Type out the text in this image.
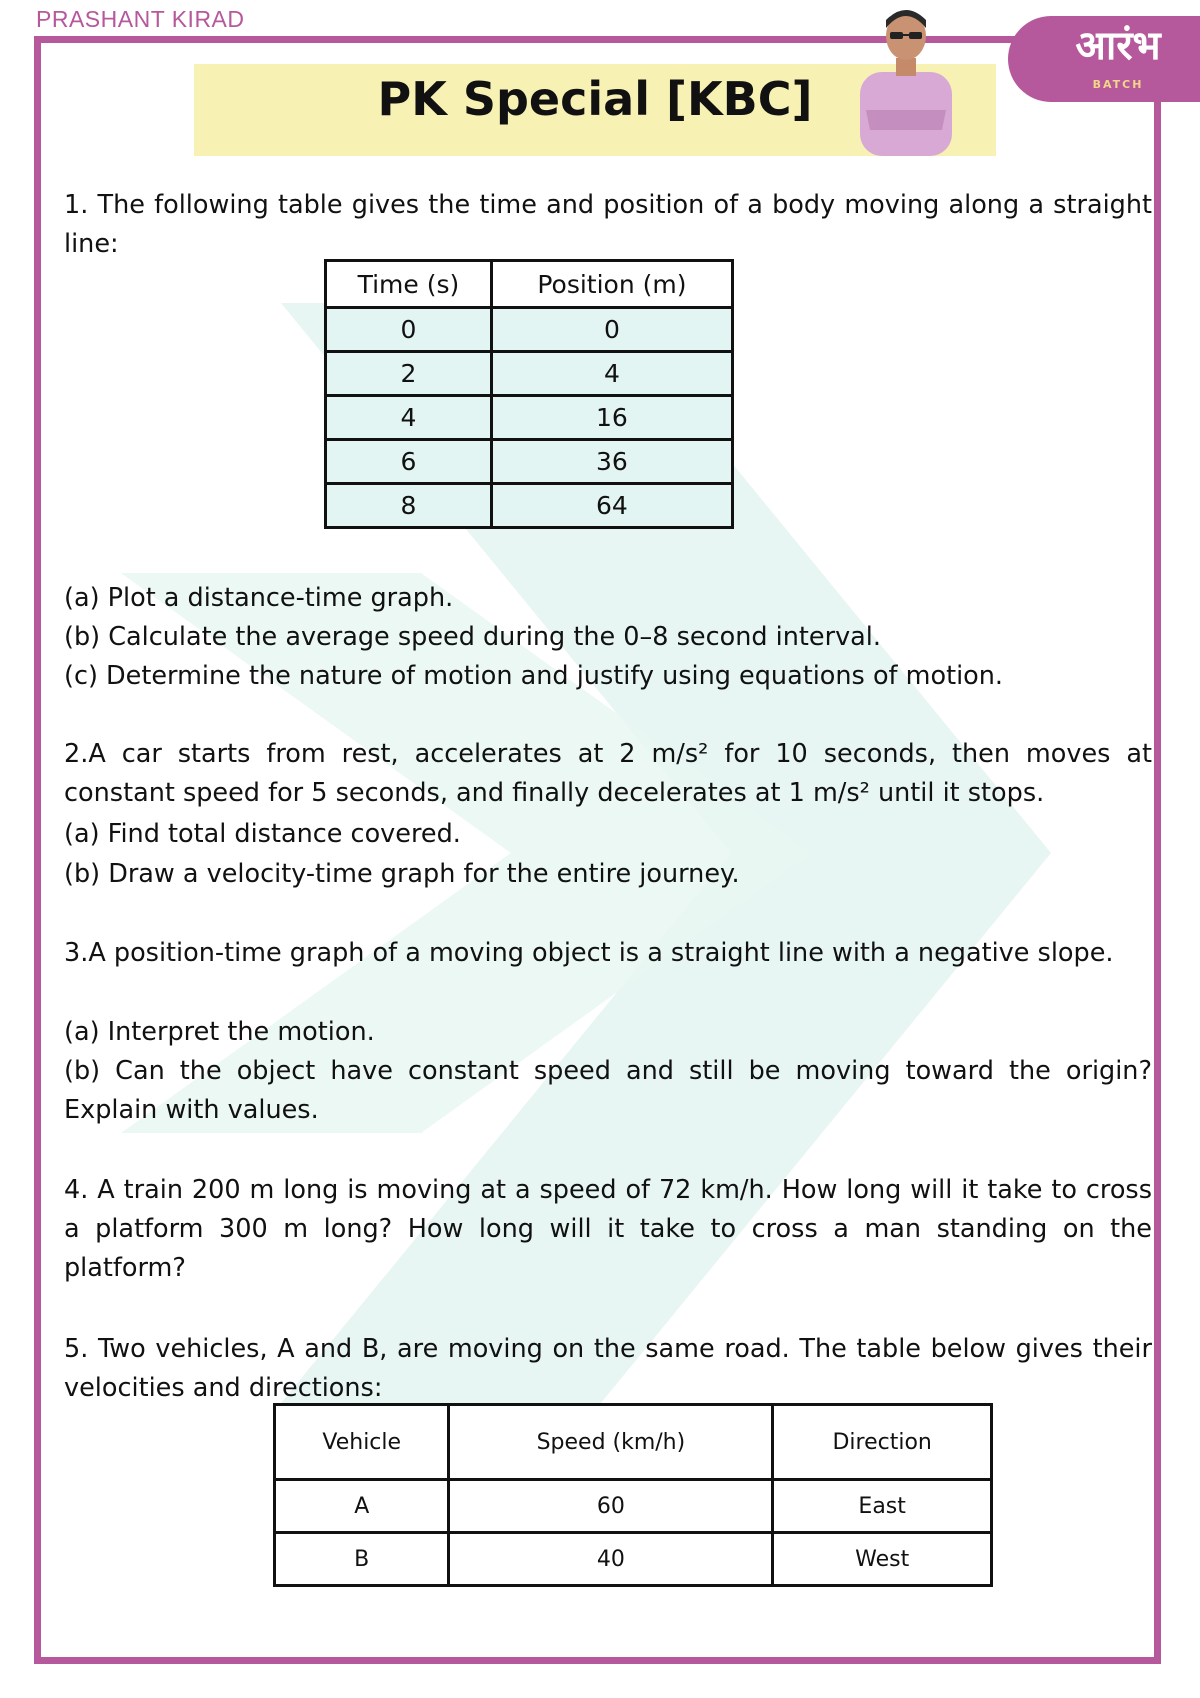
PRASHANT KIRAD
PK Special [KBC]
आरंभ
BATCH
1. The following table gives the time and position of a body moving along a straight line:
Time (s)	Position (m)
0	0
2	4
4	16
6	36
8	64
(a) Plot a distance-time graph.
(b) Calculate the average speed during the 0–8 second interval.
(c) Determine the nature of motion and justify using equations of motion.
2.A car starts from rest, accelerates at 2 m/s² for 10 seconds, then moves at constant speed for 5 seconds, and finally decelerates at 1 m/s² until it stops.
(a) Find total distance covered.
(b) Draw a velocity-time graph for the entire journey.
3.A position-time graph of a moving object is a straight line with a negative slope.
(a) Interpret the motion.
(b) Can the object have constant speed and still be moving toward the origin? Explain with values.
4. A train 200 m long is moving at a speed of 72 km/h. How long will it take to cross a platform 300 m long? How long will it take to cross a man standing on the platform?
5. Two vehicles, A and B, are moving on the same road. The table below gives their velocities and directions:
Vehicle	Speed (km/h)	Direction
A	60	East
B	40	West
